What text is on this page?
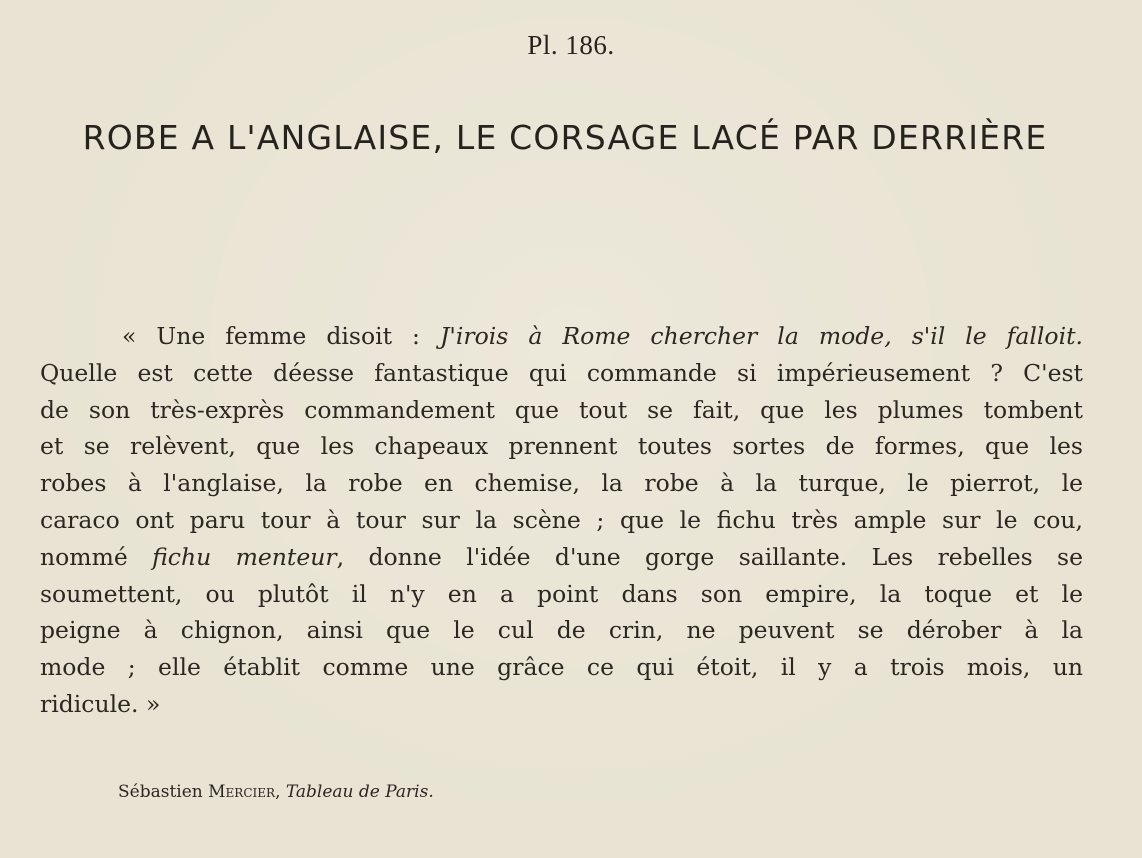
Pl. 186.
ROBE A L'ANGLAISE, LE CORSAGE LACÉ PAR DERRIÈRE
« Une femme disoit : J'irois à Rome chercher la mode, s'il le falloit.
Quelle est cette déesse fantastique qui commande si impérieusement ? C'est
de son très-exprès commandement que tout se fait, que les plumes tombent
et se relèvent, que les chapeaux prennent toutes sortes de formes, que les
robes à l'anglaise, la robe en chemise, la robe à la turque, le pierrot, le
caraco ont paru tour à tour sur la scène ; que le fichu très ample sur le cou,
nommé fichu menteur, donne l'idée d'une gorge saillante. Les rebelles se
soumettent, ou plutôt il n'y en a point dans son empire, la toque et le
peigne à chignon, ainsi que le cul de crin, ne peuvent se dérober à la
mode ; elle établit comme une grâce ce qui étoit, il y a trois mois, un
ridicule. »
Sébastien Mercier, Tableau de Paris.
